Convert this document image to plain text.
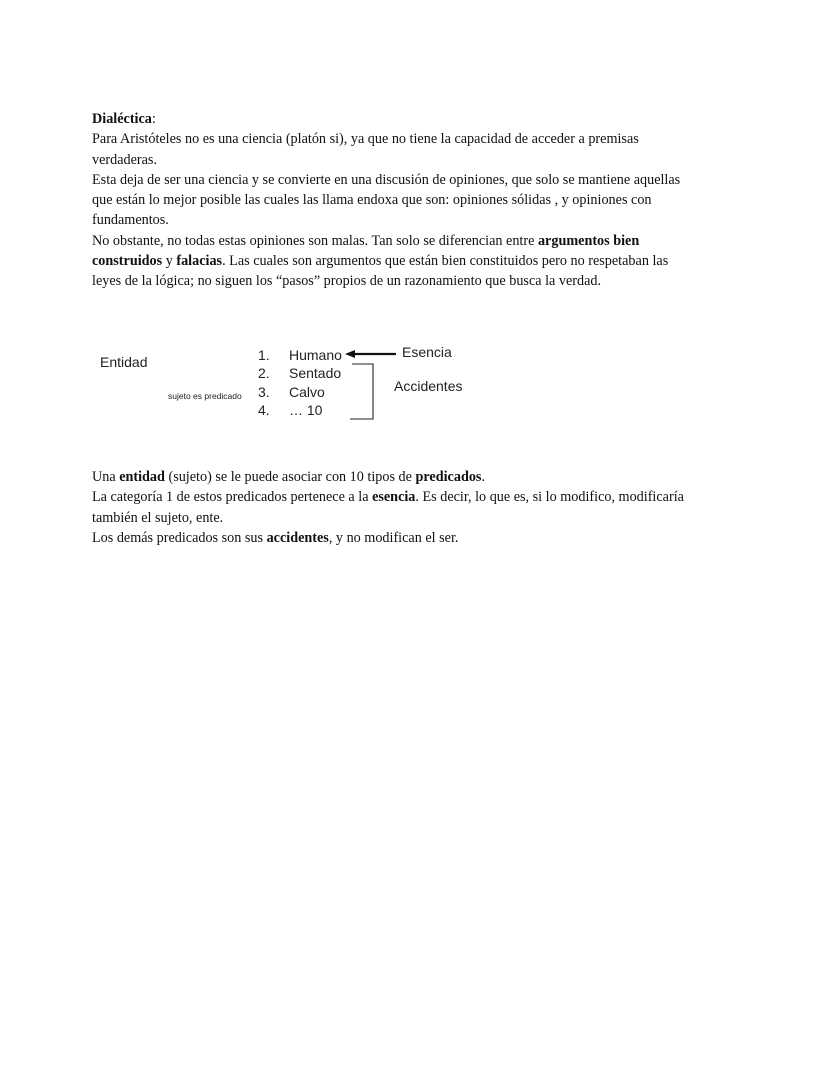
Dialéctica:

Para Aristóteles no es una ciencia (platón si), ya que no tiene la capacidad de acceder a premisas verdaderas.

Esta deja de ser una ciencia y se convierte en una discusión de opiniones, que solo se mantiene aquellas que están lo mejor posible las cuales las llama endoxa que son: opiniones sólidas , y opiniones con fundamentos.

No obstante, no todas estas opiniones son malas. Tan solo se diferencian entre argumentos bien construidos y falacias. Las cuales son argumentos que están bien constituidos pero no respetaban las leyes de la lógica; no siguen los “pasos” propios de un razonamiento que busca la verdad.

Entidad
sujeto es predicado
1. Humano
2. Sentado
3. Calvo
4. … 10
Esencia
Accidentes

Una entidad (sujeto) se le puede asociar con 10 tipos de predicados.

La categoría 1 de estos predicados pertenece a la esencia. Es decir, lo que es, si lo modifico, modificaría también el sujeto, ente.

Los demás predicados son sus accidentes, y no modifican el ser.
